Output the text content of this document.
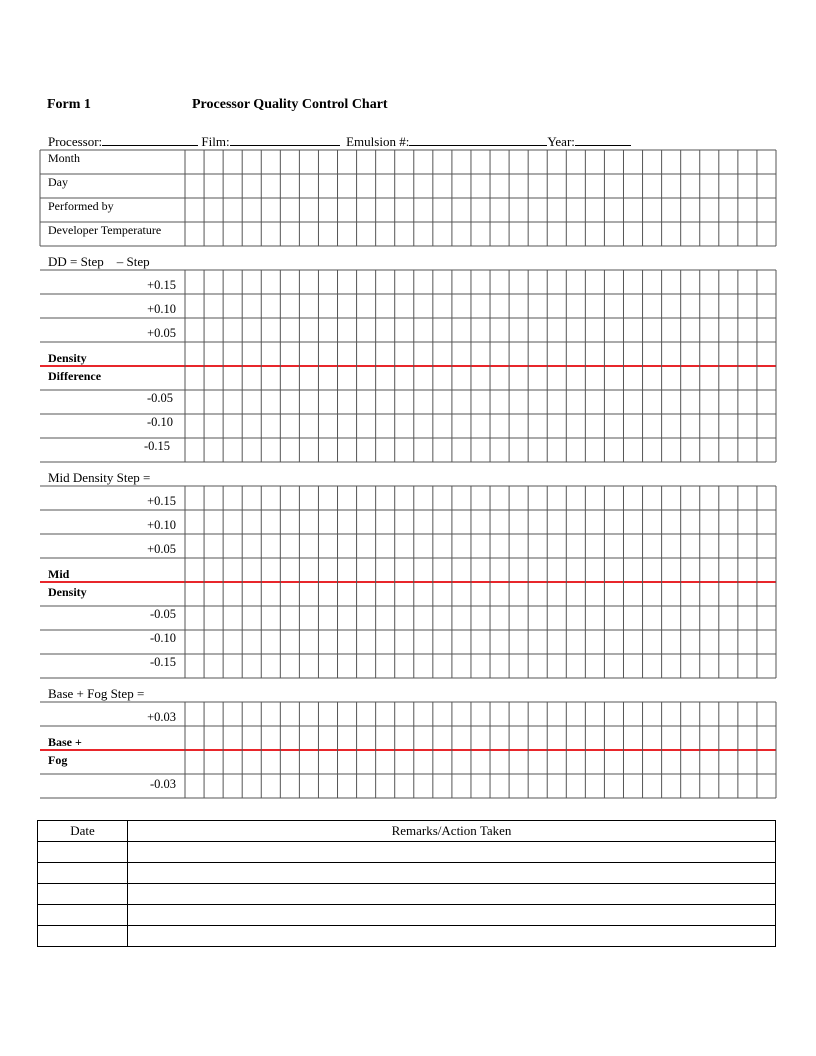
Form 1	Processor Quality Control Chart
Processor:	Film:	Emulsion #:	Year:
Month
Day
Performed by
Developer Temperature
DD = Step – Step
+0.15
+0.10
+0.05
Density
Difference
-0.05
-0.10
-0.15
Mid Density Step =
+0.15
+0.10
+0.05
Mid
Density
-0.05
-0.10
-0.15
Base + Fog Step =
+0.03
Base +
Fog
-0.03
Date	Remarks/Action Taken
